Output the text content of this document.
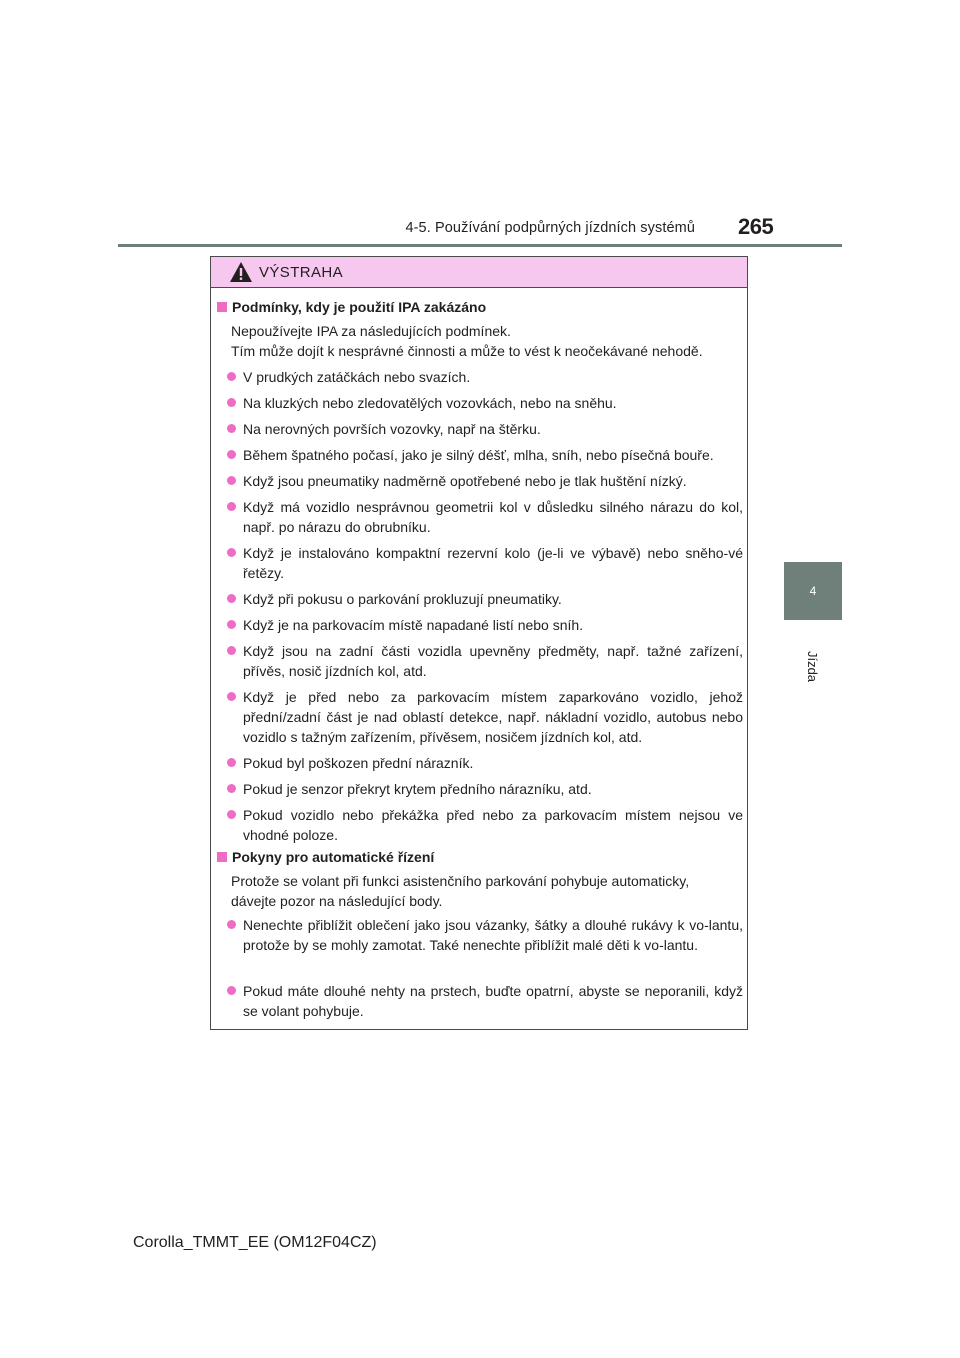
4-5. Používání podpůrných jízdních systémů 265
4
Jízda
VÝSTRAHA
Podmínky, kdy je použití IPA zakázáno
Nepoužívejte IPA za následujících podmínek.
Tím může dojít k nesprávné činnosti a může to vést k neočekávané nehodě.
V prudkých zatáčkách nebo svazích.
Na kluzkých nebo zledovatělých vozovkách, nebo na sněhu.
Na nerovných površích vozovky, např na štěrku.
Během špatného počasí, jako je silný déšť, mlha, sníh, nebo písečná bouře.
Když jsou pneumatiky nadměrně opotřebené nebo je tlak huštění nízký.
Když má vozidlo nesprávnou geometrii kol v důsledku silného nárazu do kol, např. po nárazu do obrubníku.
Když je instalováno kompaktní rezervní kolo (je-li ve výbavě) nebo sněho-vé řetězy.
Když při pokusu o parkování prokluzují pneumatiky.
Když je na parkovacím místě napadané listí nebo sníh.
Když jsou na zadní části vozidla upevněny předměty, např. tažné zařízení, přívěs, nosič jízdních kol, atd.
Když je před nebo za parkovacím místem zaparkováno vozidlo, jehož přední/zadní část je nad oblastí detekce, např. nákladní vozidlo, autobus nebo vozidlo s tažným zařízením, přívěsem, nosičem jízdních kol, atd.
Pokud byl poškozen přední nárazník.
Pokud je senzor překryt krytem předního nárazníku, atd.
Pokud vozidlo nebo překážka před nebo za parkovacím místem nejsou ve vhodné poloze.
Pokyny pro automatické řízení
Protože se volant při funkci asistenčního parkování pohybuje automaticky, dávejte pozor na následující body.
Nenechte přiblížit oblečení jako jsou vázanky, šátky a dlouhé rukávy k vo-lantu, protože by se mohly zamotat. Také nenechte přiblížit malé děti k vo-lantu.
Pokud máte dlouhé nehty na prstech, buďte opatrní, abyste se neporanili, když se volant pohybuje.
Corolla_TMMT_EE (OM12F04CZ)
